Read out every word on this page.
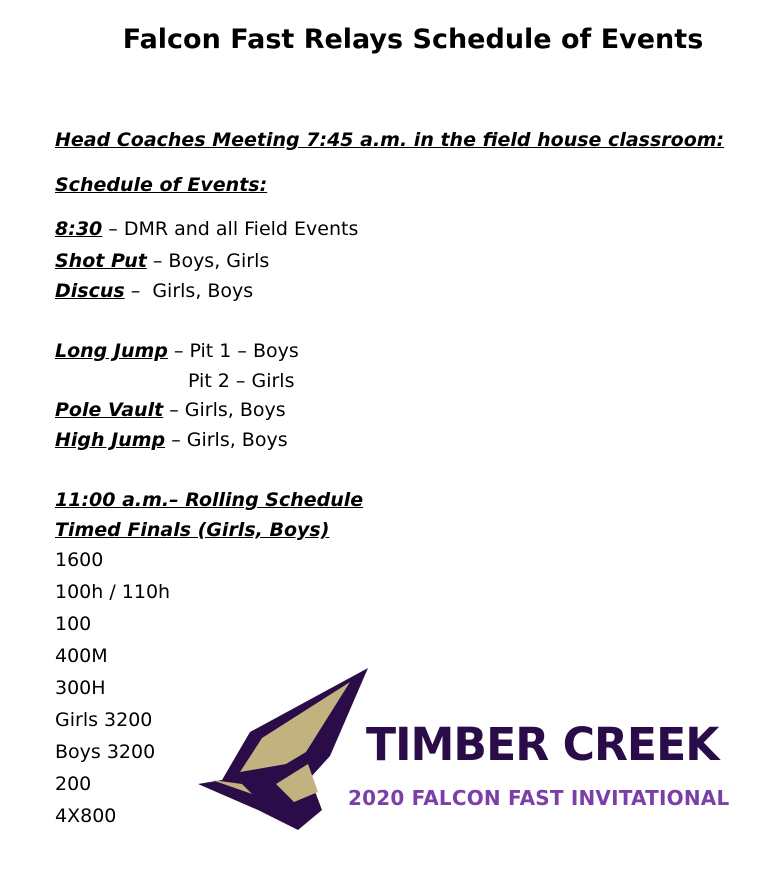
Falcon Fast Relays Schedule of Events
Head Coaches Meeting 7:45 a.m. in the field house classroom:
Schedule of Events:
8:30 – DMR and all Field Events
Shot Put – Boys, Girls
Discus –  Girls, Boys
Long Jump – Pit 1 – Boys
Pit 2 – Girls
Pole Vault – Girls, Boys
High Jump – Girls, Boys
11:00 a.m.– Rolling Schedule
Timed Finals (Girls, Boys)
1600
100h / 110h
100
400M
300H
Girls 3200
Boys 3200
200
4X800
TIMBER CREEK
2020 FALCON FAST INVITATIONAL
